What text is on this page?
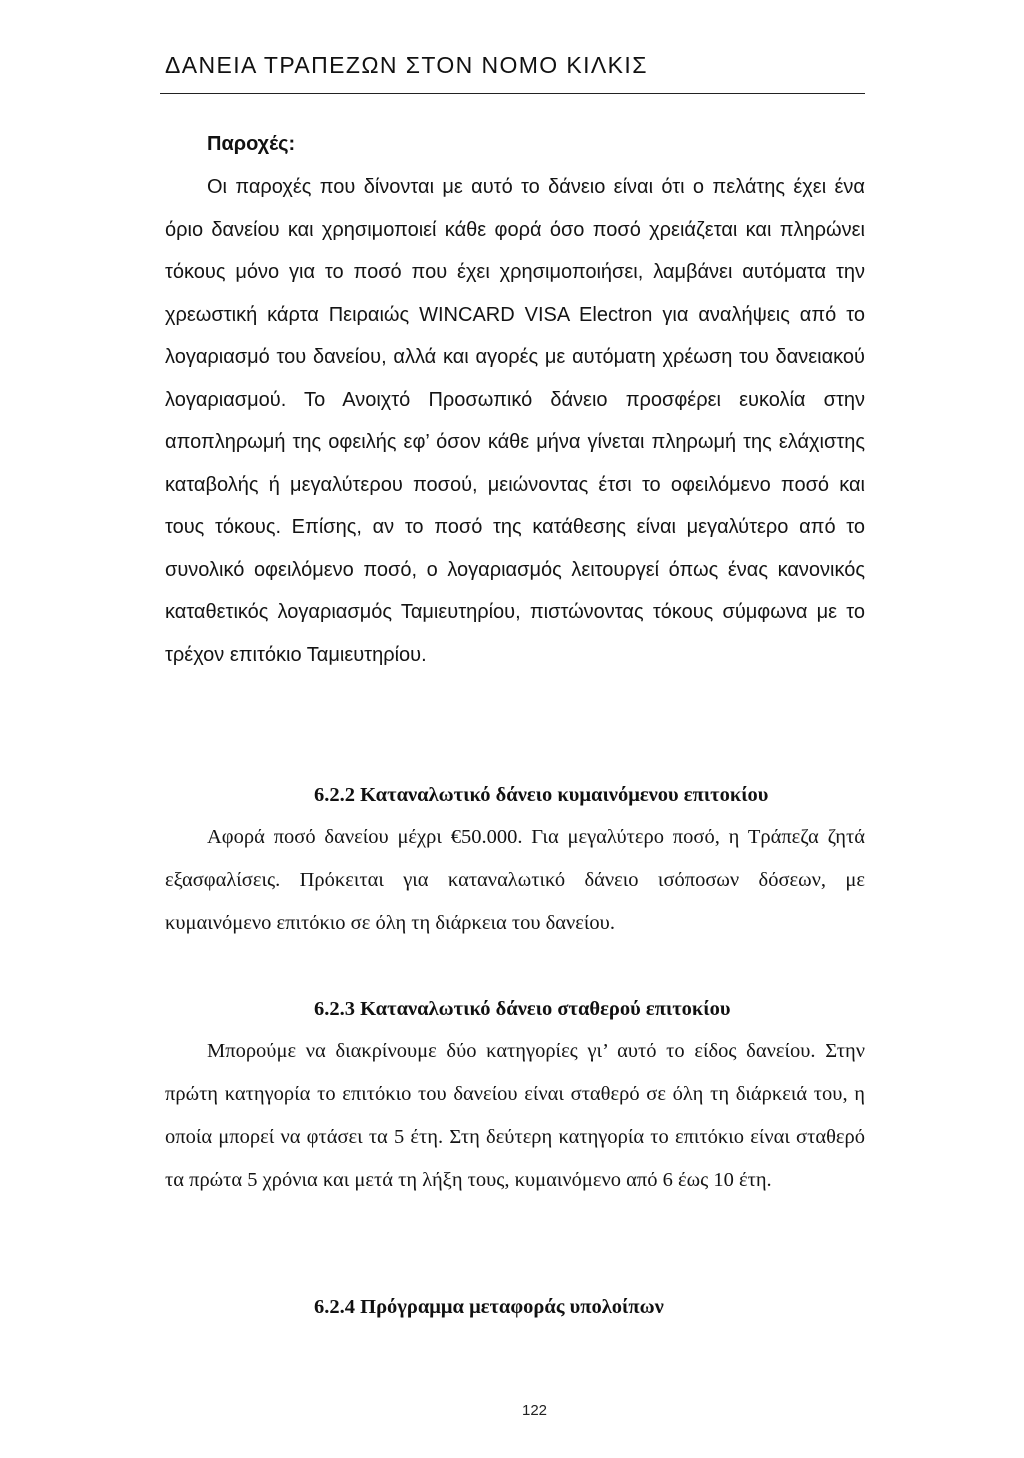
ΔΑΝΕΙΑ ΤΡΑΠΕΖΩΝ ΣΤΟΝ ΝΟΜΟ ΚΙΛΚΙΣ
Παροχές:

Οι παροχές που δίνονται με αυτό το δάνειο είναι ότι ο πελάτης έχει ένα όριο δανείου και χρησιμοποιεί κάθε φορά όσο ποσό χρειάζεται και πληρώνει τόκους μόνο για το ποσό που έχει χρησιμοποιήσει, λαμβάνει αυτόματα την χρεωστική κάρτα Πειραιώς WINCARD VISA Electron για αναλήψεις από το λογαριασμό του δανείου, αλλά και αγορές με αυτόματη χρέωση του δανειακού λογαριασμού. Το Ανοιχτό Προσωπικό δάνειο προσφέρει ευκολία στην αποπληρωμή της οφειλής εφ’ όσον κάθε μήνα γίνεται πληρωμή της ελάχιστης καταβολής ή μεγαλύτερου ποσού, μειώνοντας έτσι το οφειλόμενο ποσό και τους τόκους. Επίσης, αν το ποσό της κατάθεσης είναι μεγαλύτερο από το συνολικό οφειλόμενο ποσό, ο λογαριασμός λειτουργεί όπως ένας κανονικός καταθετικός λογαριασμός Ταμιευτηρίου, πιστώνοντας τόκους σύμφωνα με το τρέχον επιτόκιο Ταμιευτηρίου.

6.2.2 Καταναλωτικό δάνειο κυμαινόμενου επιτοκίου

Αφορά ποσό δανείου μέχρι €50.000. Για μεγαλύτερο ποσό, η Τράπεζα ζητά εξασφαλίσεις. Πρόκειται για καταναλωτικό δάνειο ισόποσων δόσεων, με κυμαινόμενο επιτόκιο σε όλη τη διάρκεια του δανείου.

6.2.3 Καταναλωτικό δάνειο σταθερού επιτοκίου

Μπορούμε να διακρίνουμε δύο κατηγορίες γι’ αυτό το είδος δανείου. Στην πρώτη κατηγορία το επιτόκιο του δανείου είναι σταθερό σε όλη τη διάρκειά του, η οποία μπορεί να φτάσει τα 5 έτη. Στη δεύτερη κατηγορία το επιτόκιο είναι σταθερό τα πρώτα 5 χρόνια και μετά τη λήξη τους, κυμαινόμενο από 6 έως 10 έτη.

6.2.4 Πρόγραμμα μεταφοράς υπολοίπων
122
